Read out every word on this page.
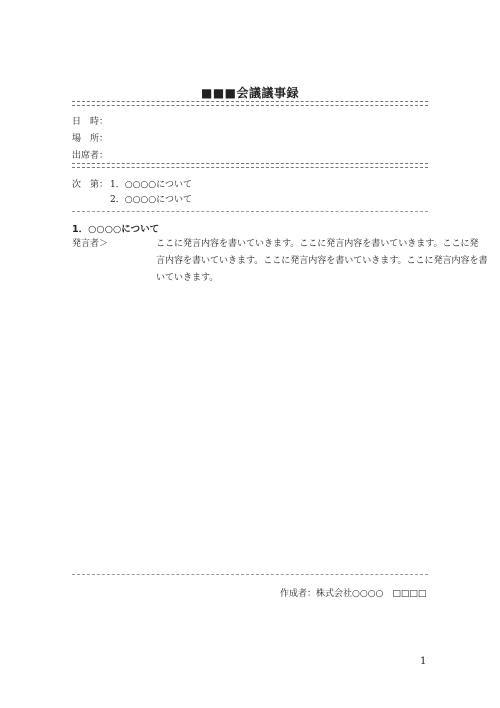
■■■会議議事録
日　時：
場　所：
出席者：
次　第： 1．○○○○について
2．○○○○について
1．○○○○について
発言者＞	ここに発言内容を書いていきます。ここに発言内容を書いていきます。ここに発
言内容を書いていきます。ここに発言内容を書いていきます。ここに発言内容を書
いていきます。
作成者：株式会社○○○○　□□□□
1
